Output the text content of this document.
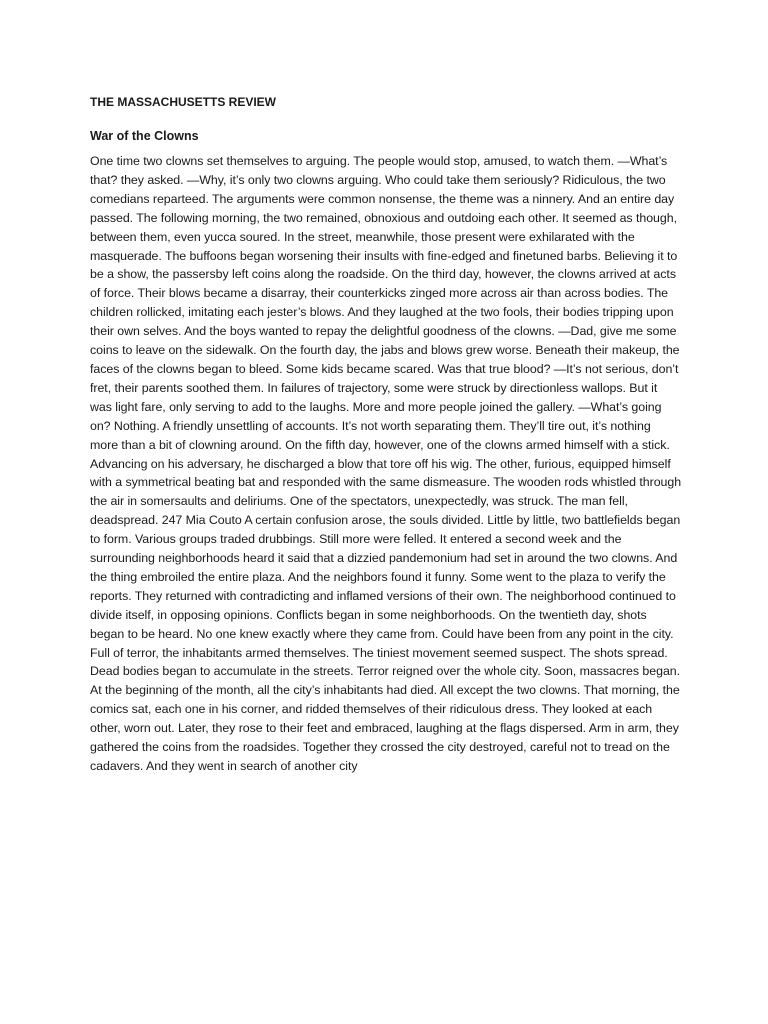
THE MASSACHUSETTS REVIEW
War of the Clowns

One time two clowns set themselves to arguing. The people would stop, amused, to watch them. —What’s that? they asked. —Why, it’s only two clowns arguing. Who could take them seriously? Ridiculous, the two comedians reparteed. The arguments were common nonsense, the theme was a ninnery. And an entire day passed. The following morning, the two remained, obnoxious and outdoing each other. It seemed as though, between them, even yucca soured. In the street, meanwhile, those present were exhilarated with the masquerade. The buffoons began worsening their insults with fine-edged and finetuned barbs. Believing it to be a show, the passersby left coins along the roadside. On the third day, however, the clowns arrived at acts of force. Their blows became a disarray, their counterkicks zinged more across air than across bodies. The children rollicked, imitating each jester’s blows. And they laughed at the two fools, their bodies tripping upon their own selves. And the boys wanted to repay the delightful goodness of the clowns. —Dad, give me some coins to leave on the sidewalk. On the fourth day, the jabs and blows grew worse. Beneath their makeup, the faces of the clowns began to bleed. Some kids became scared. Was that true blood? —It’s not serious, don’t fret, their parents soothed them. In failures of trajectory, some were struck by directionless wallops. But it was light fare, only serving to add to the laughs. More and more people joined the gallery. —What’s going on? Nothing. A friendly unsettling of accounts. It’s not worth separating them. They’ll tire out, it’s nothing more than a bit of clowning around. On the fifth day, however, one of the clowns armed himself with a stick. Advancing on his adversary, he discharged a blow that tore off his wig. The other, furious, equipped himself with a symmetrical beating bat and responded with the same dismeasure. The wooden rods whistled through the air in somersaults and deliriums. One of the spectators, unexpectedly, was struck. The man fell, deadspread. 247 Mia Couto A certain confusion arose, the souls divided. Little by little, two battlefields began to form. Various groups traded drubbings. Still more were felled. It entered a second week and the surrounding neighborhoods heard it said that a dizzied pandemonium had set in around the two clowns. And the thing embroiled the entire plaza. And the neighbors found it funny. Some went to the plaza to verify the reports. They returned with contradicting and inflamed versions of their own. The neighborhood continued to divide itself, in opposing opinions. Conflicts began in some neighborhoods. On the twentieth day, shots began to be heard. No one knew exactly where they came from. Could have been from any point in the city. Full of terror, the inhabitants armed themselves. The tiniest movement seemed suspect. The shots spread. Dead bodies began to accumulate in the streets. Terror reigned over the whole city. Soon, massacres began. At the beginning of the month, all the city’s inhabitants had died. All except the two clowns. That morning, the comics sat, each one in his corner, and ridded themselves of their ridiculous dress. They looked at each other, worn out. Later, they rose to their feet and embraced, laughing at the flags dispersed. Arm in arm, they gathered the coins from the roadsides. Together they crossed the city destroyed, careful not to tread on the cadavers. And they went in search of another city
